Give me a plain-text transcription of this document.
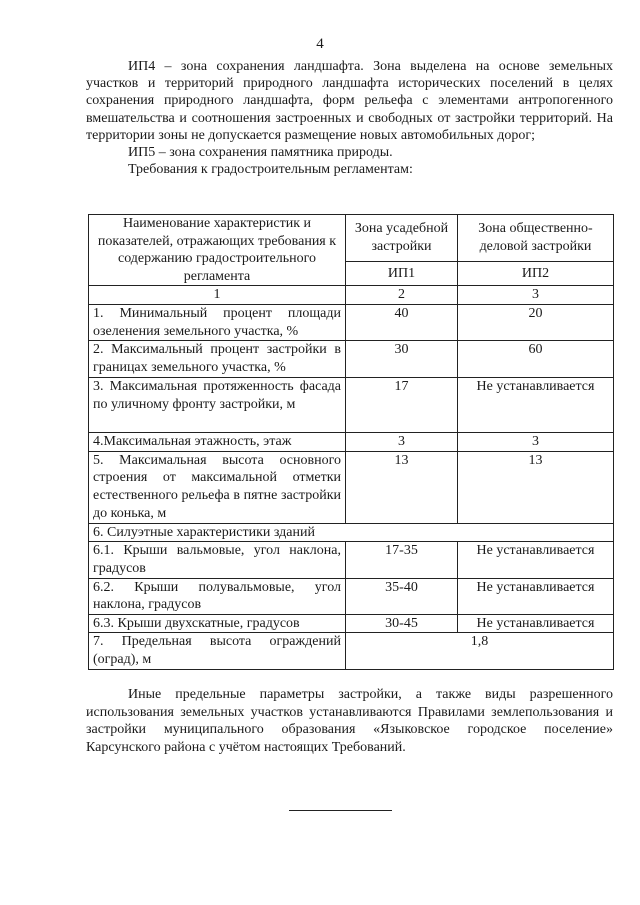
4

ИП4 – зона сохранения ландшафта. Зона выделена на основе земельных участков и территорий природного ландшафта исторических поселений в целях сохранения природного ландшафта, форм рельефа с элементами антропогенного вмешательства и соотношения застроенных и свободных от застройки территорий. На территории зоны не допускается размещение новых автомобильных дорог;

ИП5 – зона сохранения памятника природы.

Требования к градостроительным регламентам:

Наименование характеристик и показателей, отражающих требования к содержанию градостроительного регламента	Зона усадебной застройки	Зона общественно-деловой застройки
	ИП1	ИП2
1	2	3

1. Минимальный процент площади озеленения земельного участка, %	40	20

2. Максимальный процент застройки в границах земельного участка, %	30	60

3. Максимальная протяженность фасада по уличному фронту застройки, м	17	Не устанавливается

4.Максимальная этажность, этаж	3	3

5. Максимальная высота основного строения от максимальной отметки естественного рельефа в пятне застройки до конька, м	13	13
6. Силуэтные характеристики зданий		

6.1. Крыши вальмовые, угол наклона, градусов	17-35	Не устанавливается

6.2. Крыши полувальмовые, угол наклона, градусов	35-40	Не устанавливается

6.3. Крыши двухскатные, градусов	30-45	Не устанавливается

7. Предельная высота ограждений (оград), м	1,8	

Иные предельные параметры застройки, а также виды разрешенного использования земельных участков устанавливаются Правилами землепользования и застройки муниципального образования «Языковское городское поселение» Карсунского района с учётом настоящих Требований.
